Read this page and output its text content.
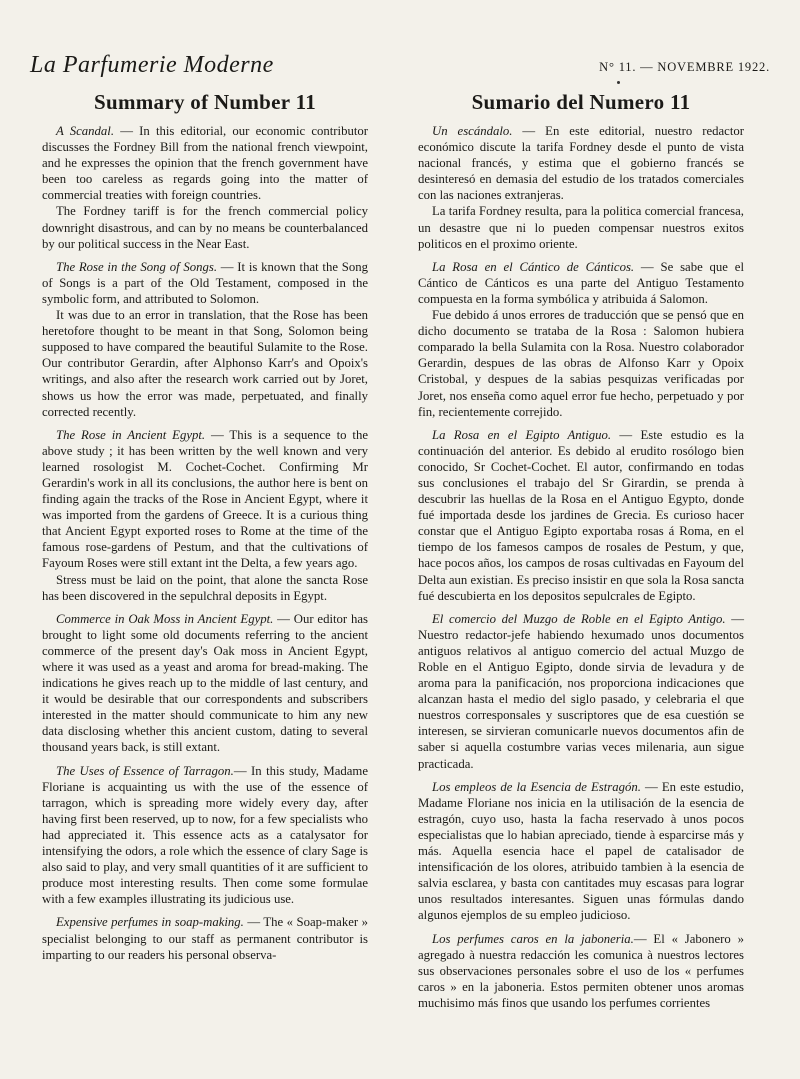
La Parfumerie Moderne	N° 11. — NOVEMBRE 1922.
Summary of Number 11

A Scandal. — In this editorial, our economic contributor discusses the Fordney Bill from the national french viewpoint, and he expresses the opinion that the french government have been too careless as regards going into the matter of commercial treaties with foreign countries.

The Fordney tariff is for the french commercial policy downright disastrous, and can by no means be counterbalanced by our political success in the Near East.

The Rose in the Song of Songs. — It is known that the Song of Songs is a part of the Old Testament, composed in the symbolic form, and attributed to Solomon.

It was due to an error in translation, that the Rose has been heretofore thought to be meant in that Song, Solomon being supposed to have compared the beautiful Sulamite to the Rose. Our contributor Gerardin, after Alphonso Karr's and Opoix's writings, and also after the research work carried out by Joret, shows us how the error was made, perpetuated, and finally corrected recently.

The Rose in Ancient Egypt. — This is a sequence to the above study ; it has been written by the well known and very learned rosologist M. Cochet-Cochet. Confirming Mr Gerardin's work in all its conclusions, the author here is bent on finding again the tracks of the Rose in Ancient Egypt, where it was imported from the gardens of Greece. It is a curious thing that Ancient Egypt exported roses to Rome at the time of the famous rose-gardens of Pestum, and that the cultivations of Fayoum Roses were still extant int the Delta, a few years ago.

Stress must be laid on the point, that alone the sancta Rose has been discovered in the sepulchral deposits in Egypt.

Commerce in Oak Moss in Ancient Egypt. — Our editor has brought to light some old documents referring to the ancient commerce of the present day's Oak moss in Ancient Egypt, where it was used as a yeast and aroma for bread-making. The indications he gives reach up to the middle of last century, and it would be desirable that our correspondents and subscribers interested in the matter should communicate to him any new data disclosing whether this ancient custom, dating to several thousand years back, is still extant.

The Uses of Essence of Tarragon.— In this study, Madame Floriane is acquainting us with the use of the essence of tarragon, which is spreading more widely every day, after having first been reserved, up to now, for a few specialists who had appreciated it. This essence acts as a catalysator for intensifying the odors, a role which the essence of clary Sage is also said to play, and very small quantities of it are sufficient to produce most interesting results. Then come some formulae with a few examples illustrating its judicious use.

Expensive perfumes in soap-making. — The « Soap-maker » specialist belonging to our staff as permanent contributor is imparting to our readers his personal observa-

Sumario del Numero 11

Un escándalo. — En este editorial, nuestro redactor económico discute la tarifa Fordney desde el punto de vista nacional francés, y estima que el gobierno francés se desinteresó en demasia del estudio de los tratados comerciales con las naciones extranjeras.

La tarifa Fordney resulta, para la politica comercial francesa, un desastre que ni lo pueden compensar nuestros exitos politicos en el proximo oriente.

La Rosa en el Cántico de Cánticos. — Se sabe que el Cántico de Cánticos es una parte del Antiguo Testamento compuesta en la forma symbólica y atribuida á Salomon.

Fue debido á unos errores de traducción que se pensó que en dicho documento se trataba de la Rosa : Salomon hubiera comparado la bella Sulamita con la Rosa. Nuestro colaborador Gerardin, despues de las obras de Alfonso Karr y Opoix Cristobal, y despues de la sabias pesquizas verificadas por Joret, nos enseña como aquel error fue hecho, perpetuado y por fin, recientemente correjido.

La Rosa en el Egipto Antiguo. — Este estudio es la continuación del anterior. Es debido al erudito rosólogo bien conocido, Sr Cochet-Cochet. El autor, confirmando en todas sus conclusiones el trabajo del Sr Girardin, se prenda à descubrir las huellas de la Rosa en el Antiguo Egypto, donde fué importada desde los jardines de Grecia. Es curioso hacer constar que el Antiguo Egipto exportaba rosas á Roma, en el tiempo de los famesos campos de rosales de Pestum, y que, hace pocos años, los campos de rosas cultivadas en Fayoum del Delta aun existian. Es preciso insistir en que sola la Rosa sancta fué descubierta en los depositos sepulcrales de Egipto.

El comercio del Muzgo de Roble en el Egipto Antigo. — Nuestro redactor-jefe habiendo hexumado unos documentos antiguos relativos al antiguo comercio del actual Muzgo de Roble en el Antiguo Egipto, donde sirvia de levadura y de aroma para la panificación, nos proporciona indicaciones que alcanzan hasta el medio del siglo pasado, y celebraria el que nuestros corresponsales y suscriptores que de esa cuestión se interesen, se sirvieran comunicarle nuevos documentos afin de saber si aquella costumbre varias veces milenaria, aun sigue practicada.

Los empleos de la Esencia de Estragón. — En este estudio, Madame Floriane nos inicia en la utilisación de la esencia de estragón, cuyo uso, hasta la facha reservado à unos pocos especialistas que lo habian apreciado, tiende à esparcirse más y más. Aquella esencia hace el papel de catalisador de intensificación de los olores, atribuido tambien à la esencia de salvia esclarea, y basta con cantitades muy escasas para lograr unos resultados interesantes. Siguen unas fórmulas dando algunos ejemplos de su empleo judicioso.

Los perfumes caros en la jaboneria.— El « Jabonero » agregado à nuestra redacción les comunica à nuestros lectores sus observaciones personales sobre el uso de los « perfumes caros » en la jaboneria. Estos permiten obtener unos aromas muchisimo más finos que usando los perfumes corrientes
